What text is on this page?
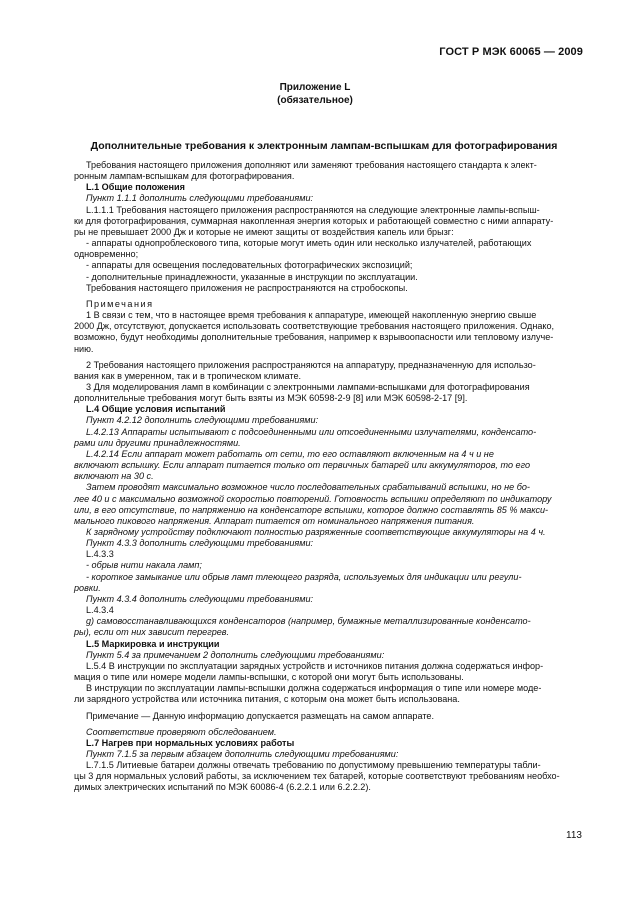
ГОСТ Р МЭК 60065 — 2009
Приложение L
(обязательное)
Дополнительные требования к электронным лампам-вспышкам для фотографирования

Требования настоящего приложения дополняют или заменяют требования настоящего стандарта к элект-

ронным лампам-вспышкам для фотографирования.

L.1 Общие положения

Пункт 1.1.1 дополнить следующими требованиями:

L.1.1.1 Требования настоящего приложения распространяются на следующие электронные лампы-вспыш-

ки для фотографирования, суммарная накопленная энергия которых и работающей совместно с ними аппарату-

ры не превышает 2000 Дж и которые не имеют защиты от воздействия капель или брызг:

- аппараты однопроблескового типа, которые могут иметь один или несколько излучателей, работающих

одновременно;

- аппараты для освещения последовательных фотографических экспозиций;

- дополнительные принадлежности, указанные в инструкции по эксплуатации.

Требования настоящего приложения не распространяются на стробоскопы.

Примечания

1 В связи с тем, что в настоящее время требования к аппаратуре, имеющей накопленную энергию свыше

2000 Дж, отсутствуют, допускается использовать соответствующие требования настоящего приложения. Однако,

возможно, будут необходимы дополнительные требования, например к взрывоопасности или тепловому излуче-

нию.

2 Требования настоящего приложения распространяются на аппаратуру, предназначенную для использо-

вания как в умеренном, так и в тропическом климате.

3 Для моделирования ламп в комбинации с электронными лампами-вспышками для фотографирования

дополнительные требования могут быть взяты из МЭК 60598-2-9 [8] или МЭК 60598-2-17 [9].

L.4 Общие условия испытаний

Пункт 4.2.12 дополнить следующими требованиями:

L.4.2.13 Аппараты испытывают с подсоединенными или отсоединенными излучателями, конденсато-

рами или другими принадлежностями.

L.4.2.14 Если аппарат может работать от сети, то его оставляют включенным на 4 ч и не

включают вспышку. Если аппарат питается только от первичных батарей или аккумуляторов, то его

включают на 30 с.

Затем проводят максимально возможное число последовательных срабатываний вспышки, но не бо-

лее 40 и с максимально возможной скоростью повторений. Готовность вспышки определяют по индикатору

или, в его отсутствие, по напряжению на конденсаторе вспышки, которое должно составлять 85 % макси-

мального пикового напряжения. Аппарат питается от номинального напряжения питания.

К зарядному устройству подключают полностью разряженные соответствующие аккумуляторы на 4 ч.

Пункт 4.3.3 дополнить следующими требованиями:

L.4.3.3

- обрыв нити накала ламп;

- короткое замыкание или обрыв ламп тлеющего разряда, используемых для индикации или регули-

ровки.

Пункт 4.3.4 дополнить следующими требованиями:

L.4.3.4

g) самовосстанавливающихся конденсаторов (например, бумажные металлизированные конденсато-

ры), если от них зависит перегрев.

L.5 Маркировка и инструкции

Пункт 5.4 за примечанием 2 дополнить следующими требованиями:

L.5.4 В инструкции по эксплуатации зарядных устройств и источников питания должна содержаться инфор-

мация о типе или номере модели лампы-вспышки, с которой они могут быть использованы.

В инструкции по эксплуатации лампы-вспышки должна содержаться информация о типе или номере моде-

ли зарядного устройства или источника питания, с которым она может быть использована.

Примечание — Данную информацию допускается размещать на самом аппарате.

Соответствие проверяют обследованием.

L.7 Нагрев при нормальных условиях работы

Пункт 7.1.5 за первым абзацем дополнить следующими требованиями:

L.7.1.5 Литиевые батареи должны отвечать требованию по допустимому превышению температуры табли-

цы 3 для нормальных условий работы, за исключением тех батарей, которые соответствуют требованиям необхо-

димых электрических испытаний по МЭК 60086-4 (6.2.2.1 или 6.2.2.2).

113
